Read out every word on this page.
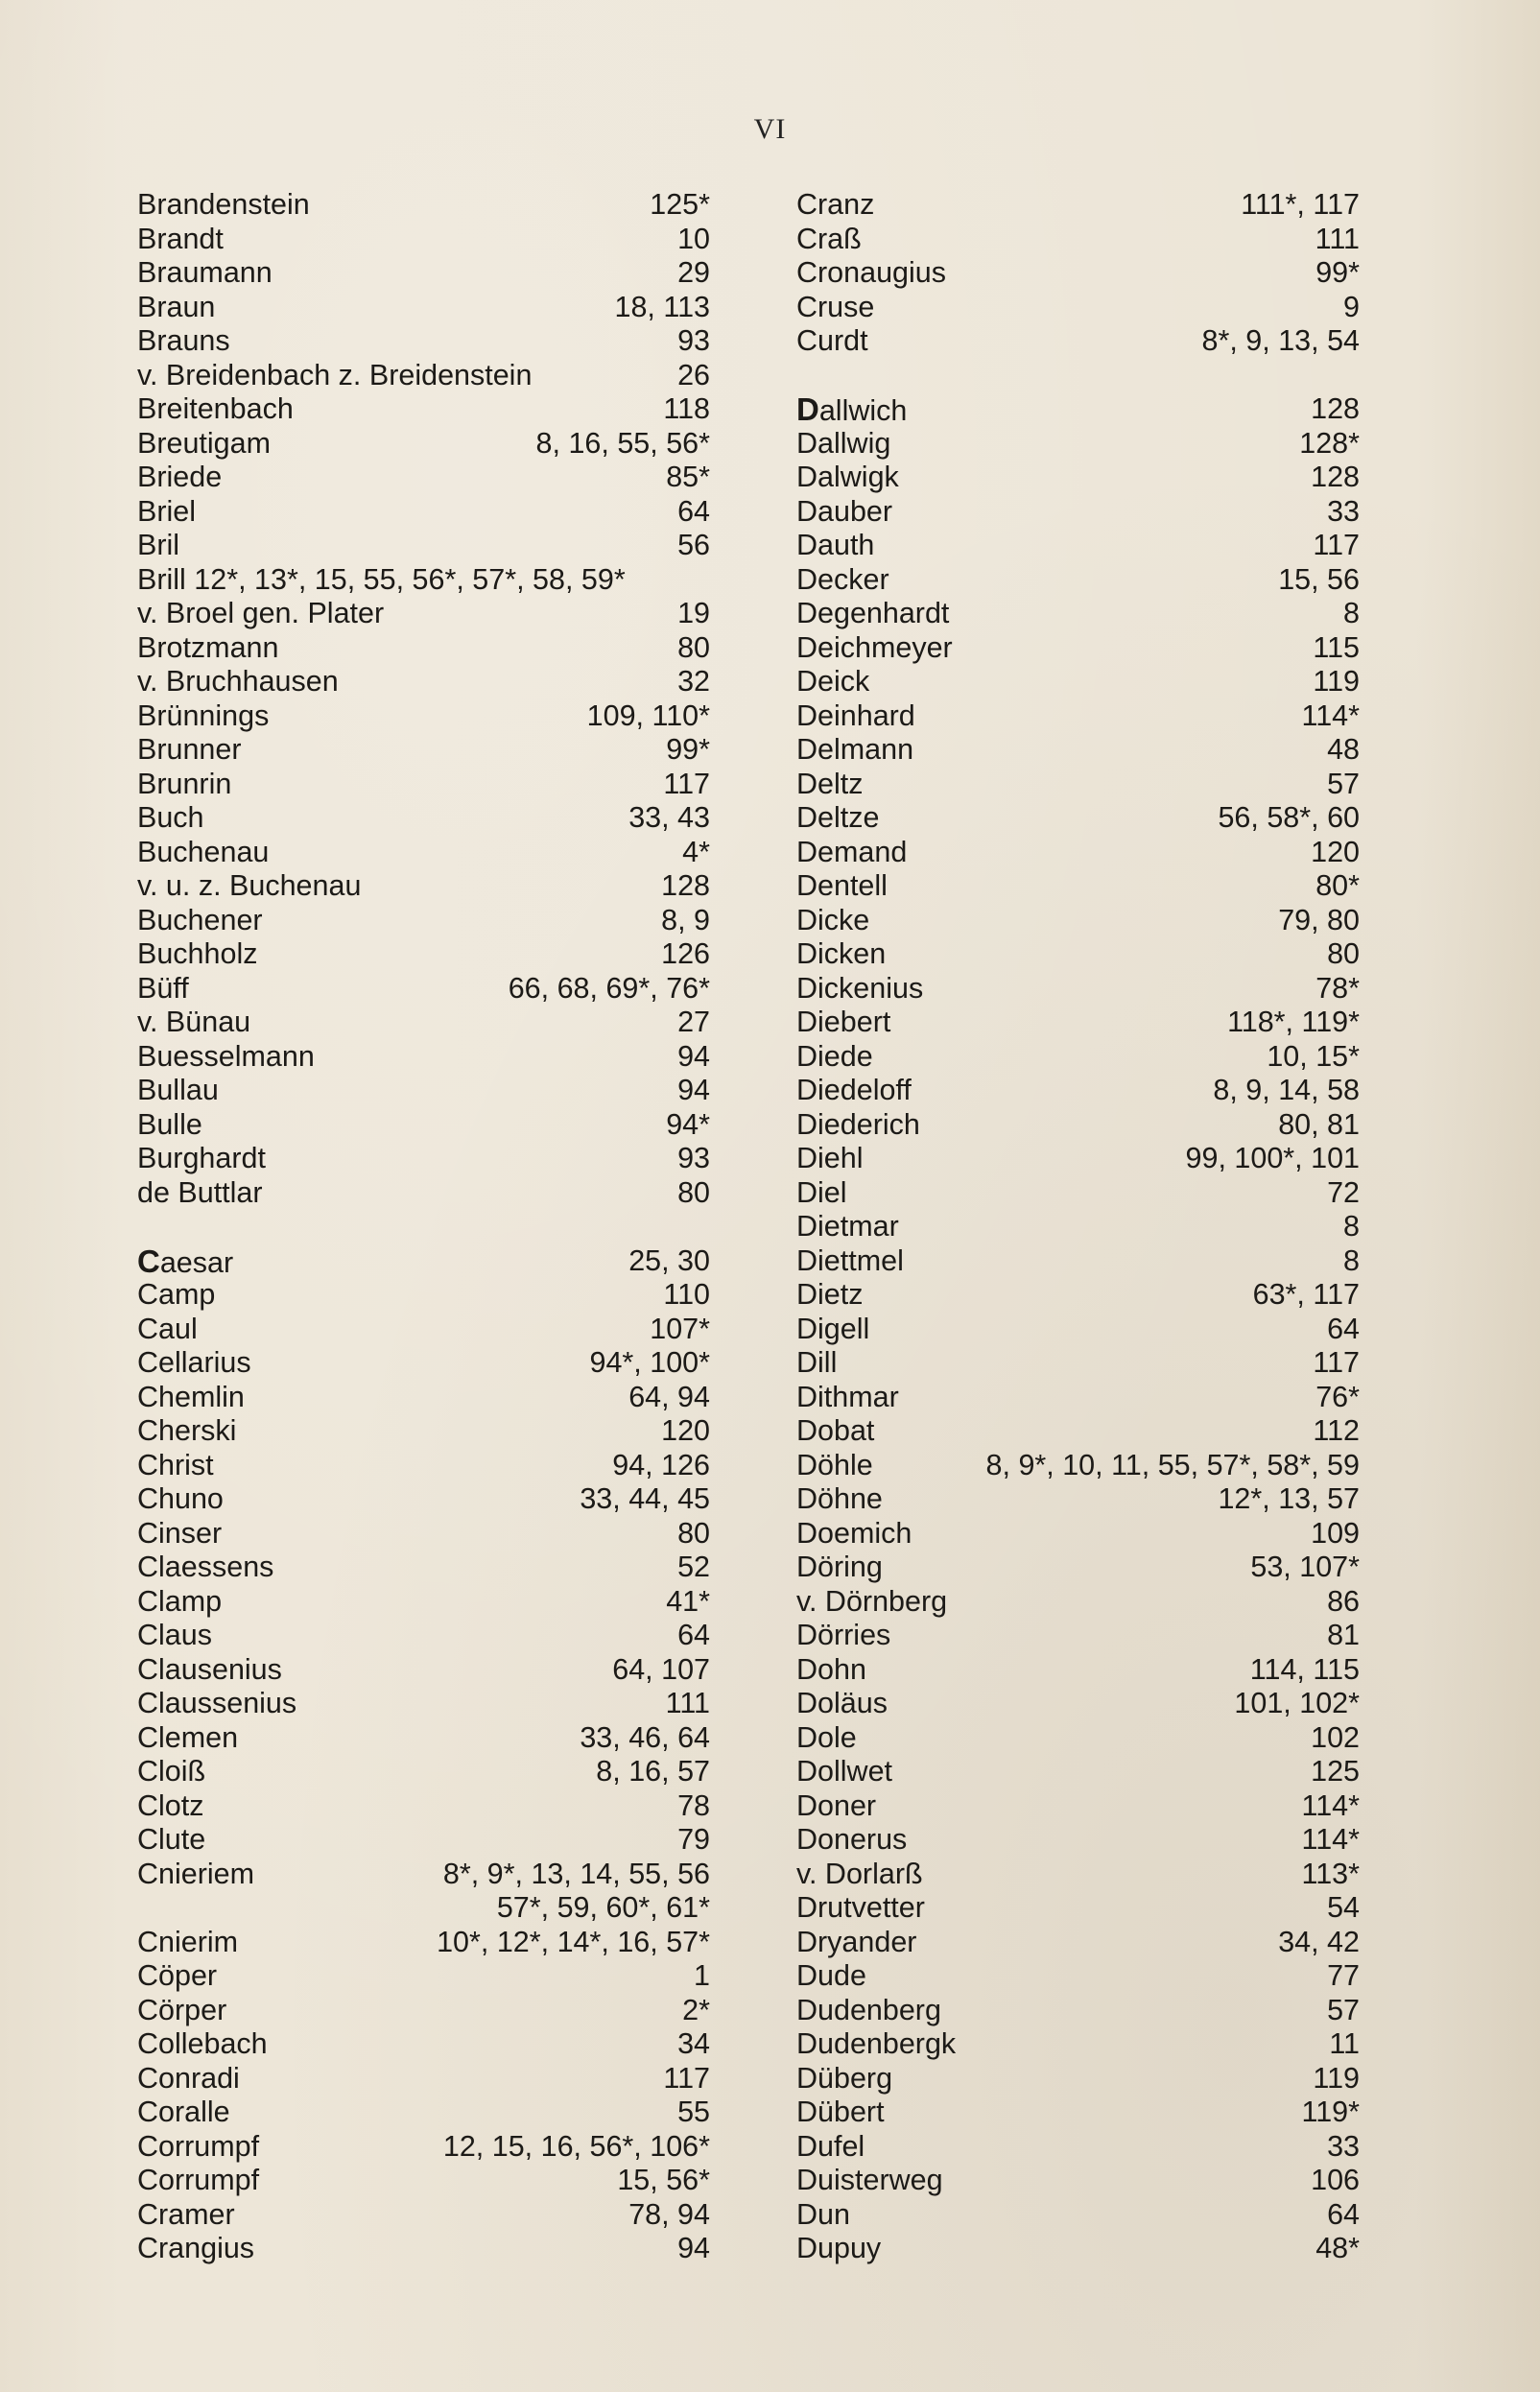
VI
Brandenstein	125*
Brandt	10
Braumann	29
Braun	18, 113
Brauns	93
v. Breidenbach z. Breidenstein	26
Breitenbach	118
Breutigam	8, 16, 55, 56*
Briede	85*
Briel	64
Bril	56
Brill 12*, 13*, 15, 55, 56*, 57*, 58, 59*
v. Broel gen. Plater	19
Brotzmann	80
v. Bruchhausen	32
Brünnings	109, 110*
Brunner	99*
Brunrin	117
Buch	33, 43
Buchenau	4*
v. u. z. Buchenau	128
Buchener	8, 9
Buchholz	126
Büff	66, 68, 69*, 76*
v. Bünau	27
Buesselmann	94
Bullau	94
Bulle	94*
Burghardt	93
de Buttlar	80
Caesar	25, 30
Camp	110
Caul	107*
Cellarius	94*, 100*
Chemlin	64, 94
Cherski	120
Christ	94, 126
Chuno	33, 44, 45
Cinser	80
Claessens	52
Clamp	41*
Claus	64
Clausenius	64, 107
Claussenius	111
Clemen	33, 46, 64
Cloiß	8, 16, 57
Clotz	78
Clute	79
Cnieriem	8*, 9*, 13, 14, 55, 56
57*, 59, 60*, 61*
Cnierim	10*, 12*, 14*, 16, 57*
Cöper	1
Cörper	2*
Collebach	34
Conradi	117
Coralle	55
Corrumpf	12, 15, 16, 56*, 106*
Corrumpf	15, 56*
Cramer	78, 94
Crangius	94
Cranz	111*, 117
Craß	111
Cronaugius	99*
Cruse	9
Curdt	8*, 9, 13, 54
Dallwich	128
Dallwig	128*
Dalwigk	128
Dauber	33
Dauth	117
Decker	15, 56
Degenhardt	8
Deichmeyer	115
Deick	119
Deinhard	114*
Delmann	48
Deltz	57
Deltze	56, 58*, 60
Demand	120
Dentell	80*
Dicke	79, 80
Dicken	80
Dickenius	78*
Diebert	118*, 119*
Diede	10, 15*
Diedeloff	8, 9, 14, 58
Diederich	80, 81
Diehl	99, 100*, 101
Diel	72
Dietmar	8
Diettmel	8
Dietz	63*, 117
Digell	64
Dill	117
Dithmar	76*
Dobat	112
Döhle	8, 9*, 10, 11, 55, 57*, 58*, 59
Döhne	12*, 13, 57
Doemich	109
Döring	53, 107*
v. Dörnberg	86
Dörries	81
Dohn	114, 115
Doläus	101, 102*
Dole	102
Dollwet	125
Doner	114*
Donerus	114*
v. Dorlarß	113*
Drutvetter	54
Dryander	34, 42
Dude	77
Dudenberg	57
Dudenbergk	11
Düberg	119
Dübert	119*
Dufel	33
Duisterweg	106
Dun	64
Dupuy	48*
